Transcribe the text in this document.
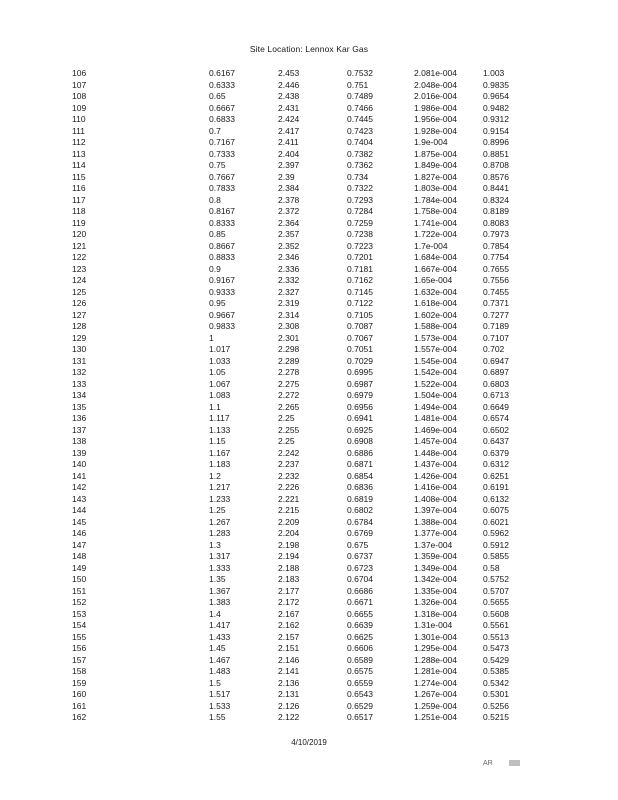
Site Location: Lennox Kar Gas
106	0.6167	2.453	0.7532	2.081e-004	1.003
107	0.6333	2.446	0.751	2.048e-004	0.9835
108	0.65	2.438	0.7489	2.016e-004	0.9654
109	0.6667	2.431	0.7466	1.986e-004	0.9482
110	0.6833	2.424	0.7445	1.956e-004	0.9312
111	0.7	2.417	0.7423	1.928e-004	0.9154
112	0.7167	2.411	0.7404	1.9e-004	0.8996
113	0.7333	2.404	0.7382	1.875e-004	0.8851
114	0.75	2.397	0.7362	1.849e-004	0.8708
115	0.7667	2.39	0.734	1.827e-004	0.8576
116	0.7833	2.384	0.7322	1.803e-004	0.8441
117	0.8	2.378	0.7293	1.784e-004	0.8324
118	0.8167	2.372	0.7284	1.758e-004	0.8189
119	0.8333	2.364	0.7259	1.741e-004	0.8083
120	0.85	2.357	0.7238	1.722e-004	0.7973
121	0.8667	2.352	0.7223	1.7e-004	0.7854
122	0.8833	2.346	0.7201	1.684e-004	0.7754
123	0.9	2.336	0.7181	1.667e-004	0.7655
124	0.9167	2.332	0.7162	1.65e-004	0.7556
125	0.9333	2.327	0.7145	1.632e-004	0.7455
126	0.95	2.319	0.7122	1.618e-004	0.7371
127	0.9667	2.314	0.7105	1.602e-004	0.7277
128	0.9833	2.308	0.7087	1.588e-004	0.7189
129	1	2.301	0.7067	1.573e-004	0.7107
130	1.017	2.298	0.7051	1.557e-004	0.702
131	1.033	2.289	0.7029	1.545e-004	0.6947
132	1.05	2.278	0.6995	1.542e-004	0.6897
133	1.067	2.275	0.6987	1.522e-004	0.6803
134	1.083	2.272	0.6979	1.504e-004	0.6713
135	1.1	2.265	0.6956	1.494e-004	0.6649
136	1.117	2.25	0.6941	1.481e-004	0.6574
137	1.133	2.255	0.6925	1.469e-004	0.6502
138	1.15	2.25	0.6908	1.457e-004	0.6437
139	1.167	2.242	0.6886	1.448e-004	0.6379
140	1.183	2.237	0.6871	1.437e-004	0.6312
141	1.2	2.232	0.6854	1.426e-004	0.6251
142	1.217	2.226	0.6836	1.416e-004	0.6191
143	1.233	2.221	0.6819	1.408e-004	0.6132
144	1.25	2.215	0.6802	1.397e-004	0.6075
145	1.267	2.209	0.6784	1.388e-004	0.6021
146	1.283	2.204	0.6769	1.377e-004	0.5962
147	1.3	2.198	0.675	1.37e-004	0.5912
148	1.317	2.194	0.6737	1.359e-004	0.5855
149	1.333	2.188	0.6723	1.349e-004	0.58
150	1.35	2.183	0.6704	1.342e-004	0.5752
151	1.367	2.177	0.6686	1.335e-004	0.5707
152	1.383	2.172	0.6671	1.326e-004	0.5655
153	1.4	2.167	0.6655	1.318e-004	0.5608
154	1.417	2.162	0.6639	1.31e-004	0.5561
155	1.433	2.157	0.6625	1.301e-004	0.5513
156	1.45	2.151	0.6606	1.295e-004	0.5473
157	1.467	2.146	0.6589	1.288e-004	0.5429
158	1.483	2.141	0.6575	1.281e-004	0.5385
159	1.5	2.136	0.6559	1.274e-004	0.5342
160	1.517	2.131	0.6543	1.267e-004	0.5301
161	1.533	2.126	0.6529	1.259e-004	0.5256
162	1.55	2.122	0.6517	1.251e-004	0.5215
4/10/2019
AR
